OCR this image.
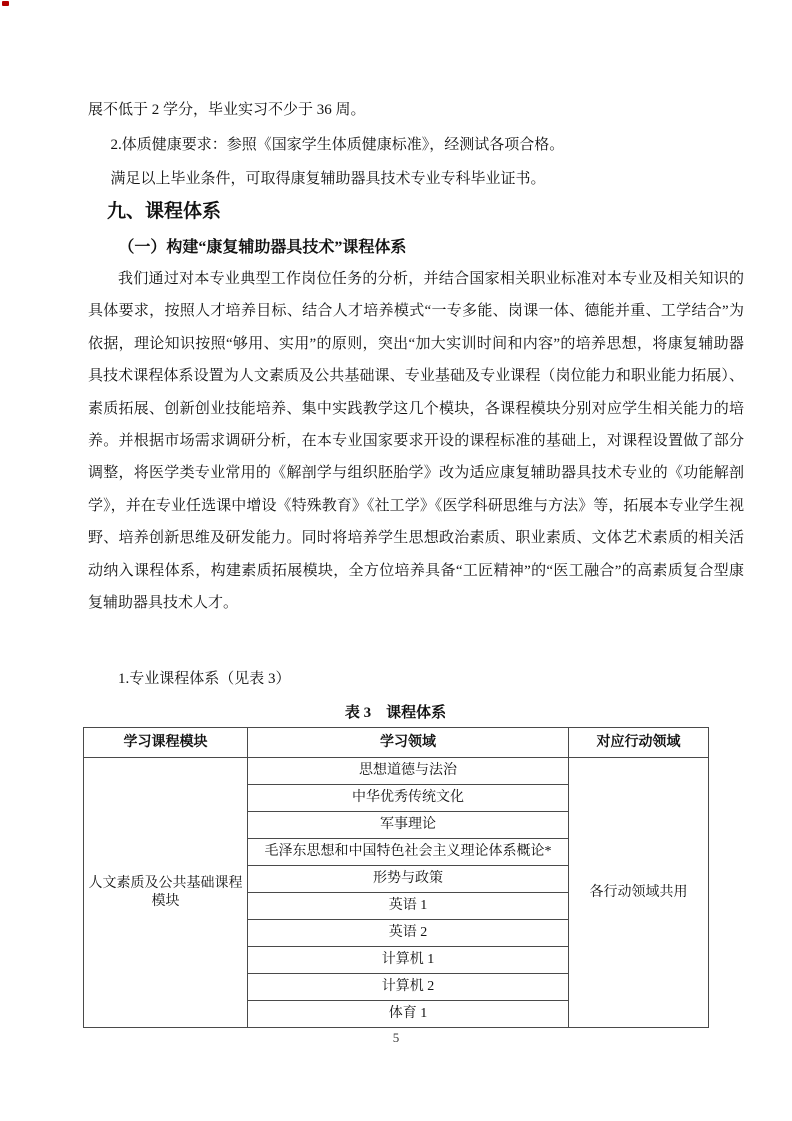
展不低于 2 学分，毕业实习不少于 36 周。

2.体质健康要求：参照《国家学生体质健康标准》，经测试各项合格。

满足以上毕业条件，可取得康复辅助器具技术专业专科毕业证书。

九、课程体系
（一）构建“康复辅助器具技术”课程体系

我们通过对本专业典型工作岗位任务的分析，并结合国家相关职业标准对本专业及相关知识的具体要求，按照人才培养目标、结合人才培养模式“一专多能、岗课一体、德能并重、工学结合”为依据，理论知识按照“够用、实用”的原则，突出“加大实训时间和内容”的培养思想，将康复辅助器具技术课程体系设置为人文素质及公共基础课、专业基础及专业课程（岗位能力和职业能力拓展）、素质拓展、创新创业技能培养、集中实践教学这几个模块，各课程模块分别对应学生相关能力的培养。并根据市场需求调研分析，在本专业国家要求开设的课程标准的基础上，对课程设置做了部分调整，将医学类专业常用的《解剖学与组织胚胎学》改为适应康复辅助器具技术专业的《功能解剖学》，并在专业任选课中增设《特殊教育》《社工学》《医学科研思维与方法》等，拓展本专业学生视野、培养创新思维及研发能力。同时将培养学生思想政治素质、职业素质、文体艺术素质的相关活动纳入课程体系，构建素质拓展模块，全方位培养具备“工匠精神”的“医工融合”的高素质复合型康复辅助器具技术人才。

1.专业课程体系（见表 3）

表 3　课程体系
学习课程模块	学习领域	对应行动领域
人文素质及公共基础课程模块	思想道德与法治	各行动领域共用
	中华优秀传统文化	
	军事理论	
	毛泽东思想和中国特色社会主义理论体系概论*	
	形势与政策	
	英语 1	
	英语 2	
	计算机 1	
	计算机 2	
	体育 1	
5
